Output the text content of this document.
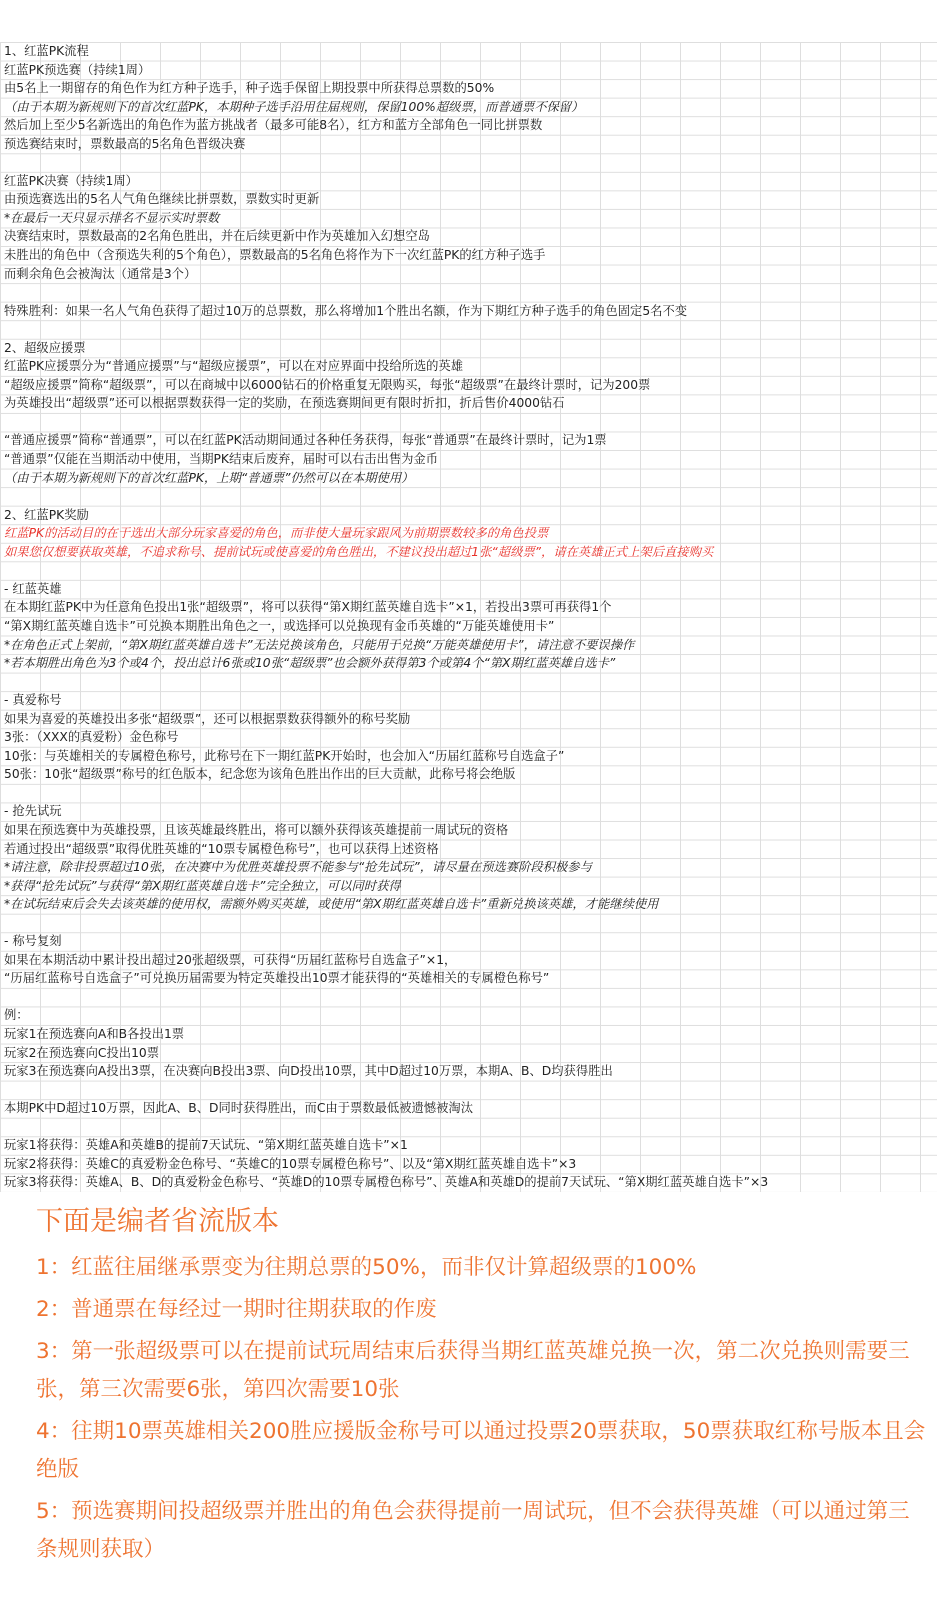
1、红蓝PK流程
红蓝PK预选赛（持续1周）
由5名上一期留存的角色作为红方种子选手，种子选手保留上期投票中所获得总票数的50%
（由于本期为新规则下的首次红蓝PK，本期种子选手沿用往届规则，保留100%超级票，而普通票不保留）
然后加上至少5名新选出的角色作为蓝方挑战者（最多可能8名），红方和蓝方全部角色一同比拼票数
预选赛结束时，票数最高的5名角色晋级决赛
红蓝PK决赛（持续1周）
由预选赛选出的5名人气角色继续比拼票数，票数实时更新
*在最后一天只显示排名不显示实时票数
决赛结束时，票数最高的2名角色胜出，并在后续更新中作为英雄加入幻想空岛
未胜出的角色中（含预选失利的5个角色），票数最高的5名角色将作为下一次红蓝PK的红方种子选手
而剩余角色会被淘汰（通常是3个）
特殊胜利：如果一名人气角色获得了超过10万的总票数，那么将增加1个胜出名额，作为下期红方种子选手的角色固定5名不变
2、超级应援票
红蓝PK应援票分为“普通应援票”与“超级应援票”，可以在对应界面中投给所选的英雄
“超级应援票”简称“超级票”，可以在商城中以6000钻石的价格重复无限购买，每张“超级票”在最终计票时，记为200票
为英雄投出“超级票”还可以根据票数获得一定的奖励，在预选赛期间更有限时折扣，折后售价4000钻石
“普通应援票”简称“普通票”，可以在红蓝PK活动期间通过各种任务获得，每张“普通票”在最终计票时，记为1票
“普通票”仅能在当期活动中使用，当期PK结束后废弃，届时可以右击出售为金币
（由于本期为新规则下的首次红蓝PK，上期“普通票”仍然可以在本期使用）
2、红蓝PK奖励
红蓝PK的活动目的在于选出大部分玩家喜爱的角色，而非使大量玩家跟风为前期票数较多的角色投票
如果您仅想要获取英雄，不追求称号、提前试玩或使喜爱的角色胜出，不建议投出超过1张“超级票”，请在英雄正式上架后直接购买
- 红蓝英雄
在本期红蓝PK中为任意角色投出1张“超级票”，将可以获得“第X期红蓝英雄自选卡”×1，若投出3票可再获得1个
“第X期红蓝英雄自选卡”可兑换本期胜出角色之一，或选择可以兑换现有金币英雄的“万能英雄使用卡”
*在角色正式上架前，“第X期红蓝英雄自选卡”无法兑换该角色，只能用于兑换“万能英雄使用卡”，请注意不要误操作
*若本期胜出角色为3个或4个，投出总计6张或10张“超级票”也会额外获得第3个或第4个“第X期红蓝英雄自选卡”
- 真爱称号
如果为喜爱的英雄投出多张“超级票”，还可以根据票数获得额外的称号奖励
3张：（XXX的真爱粉）金色称号
10张：与英雄相关的专属橙色称号，此称号在下一期红蓝PK开始时，也会加入“历届红蓝称号自选盒子”
50张：10张“超级票”称号的红色版本，纪念您为该角色胜出作出的巨大贡献，此称号将会绝版
- 抢先试玩
如果在预选赛中为英雄投票，且该英雄最终胜出，将可以额外获得该英雄提前一周试玩的资格
若通过投出“超级票”取得优胜英雄的“10票专属橙色称号”，也可以获得上述资格
*请注意，除非投票超过10张，在决赛中为优胜英雄投票不能参与“抢先试玩”，请尽量在预选赛阶段积极参与
*获得“抢先试玩”与获得“第X期红蓝英雄自选卡”完全独立，可以同时获得
*在试玩结束后会失去该英雄的使用权，需额外购买英雄，或使用“第X期红蓝英雄自选卡”重新兑换该英雄，才能继续使用
- 称号复刻
如果在本期活动中累计投出超过20张超级票，可获得“历届红蓝称号自选盒子”×1，
“历届红蓝称号自选盒子”可兑换历届需要为特定英雄投出10票才能获得的“英雄相关的专属橙色称号”
例：
玩家1在预选赛向A和B各投出1票
玩家2在预选赛向C投出10票
玩家3在预选赛向A投出3票，在决赛向B投出3票、向D投出10票，其中D超过10万票，本期A、B、D均获得胜出
本期PK中D超过10万票，因此A、B、D同时获得胜出，而C由于票数最低被遗憾被淘汰
玩家1将获得：英雄A和英雄B的提前7天试玩、“第X期红蓝英雄自选卡”×1
玩家2将获得：英雄C的真爱粉金色称号、“英雄C的10票专属橙色称号”、以及“第X期红蓝英雄自选卡”×3
玩家3将获得：英雄A、B、D的真爱粉金色称号、“英雄D的10票专属橙色称号”、英雄A和英雄D的提前7天试玩、“第X期红蓝英雄自选卡”×3
下面是编者省流版本
1：红蓝往届继承票变为往期总票的50%，而非仅计算超级票的100%
2：普通票在每经过一期时往期获取的作废
3：第一张超级票可以在提前试玩周结束后获得当期红蓝英雄兑换一次，第二次兑换则需要三张，第三次需要6张，第四次需要10张
4：往期10票英雄相关200胜应援版金称号可以通过投票20票获取，50票获取红称号版本且会绝版
5：预选赛期间投超级票并胜出的角色会获得提前一周试玩，但不会获得英雄（可以通过第三条规则获取）
